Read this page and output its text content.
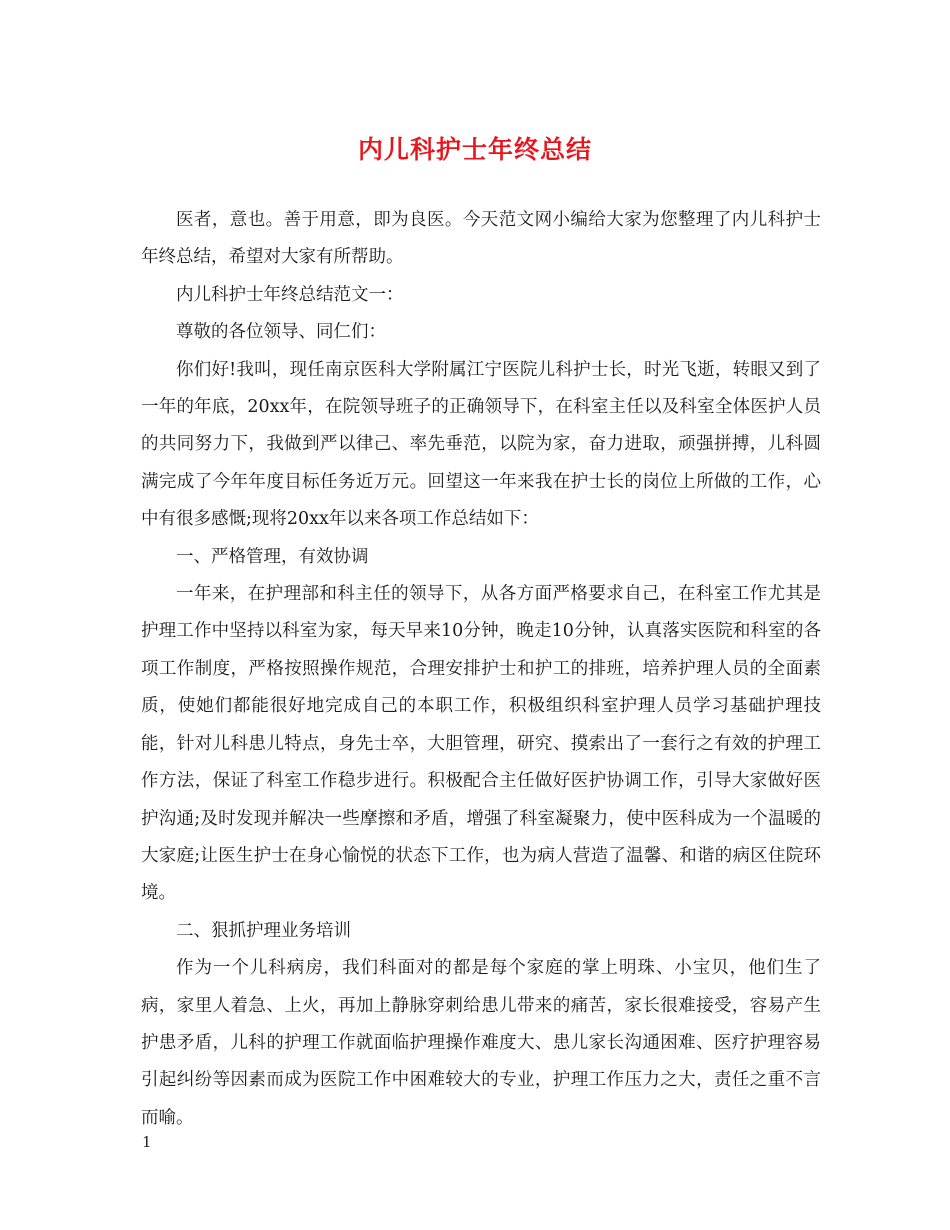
内儿科护士年终总结

医者，意也。善于用意，即为良医。今天范文网小编给大家为您整理了内儿科护士年终总结，希望对大家有所帮助。

内儿科护士年终总结范文一：

尊敬的各位领导、同仁们：

你们好!我叫，现任南京医科大学附属江宁医院儿科护士长，时光飞逝，转眼又到了一年的年底，20xx年，在院领导班子的正确领导下，在科室主任以及科室全体医护人员的共同努力下，我做到严以律己、率先垂范，以院为家，奋力进取，顽强拼搏，儿科圆满完成了今年年度目标任务近万元。回望这一年来我在护士长的岗位上所做的工作，心中有很多感慨;现将20xx年以来各项工作总结如下：

一、严格管理，有效协调

一年来，在护理部和科主任的领导下，从各方面严格要求自己，在科室工作尤其是护理工作中坚持以科室为家，每天早来10分钟，晚走10分钟，认真落实医院和科室的各项工作制度，严格按照操作规范，合理安排护士和护工的排班，培养护理人员的全面素质，使她们都能很好地完成自己的本职工作，积极组织科室护理人员学习基础护理技能，针对儿科患儿特点，身先士卒，大胆管理，研究、摸索出了一套行之有效的护理工作方法，保证了科室工作稳步进行。积极配合主任做好医护协调工作，引导大家做好医护沟通;及时发现并解决一些摩擦和矛盾，增强了科室凝聚力，使中医科成为一个温暖的大家庭;让医生护士在身心愉悦的状态下工作，也为病人营造了温馨、和谐的病区住院环境。

二、狠抓护理业务培训

作为一个儿科病房，我们科面对的都是每个家庭的掌上明珠、小宝贝，他们生了病，家里人着急、上火，再加上静脉穿刺给患儿带来的痛苦，家长很难接受，容易产生护患矛盾，儿科的护理工作就面临护理操作难度大、患儿家长沟通困难、医疗护理容易引起纠纷等因素而成为医院工作中困难较大的专业，护理工作压力之大，责任之重不言而喻。

1
